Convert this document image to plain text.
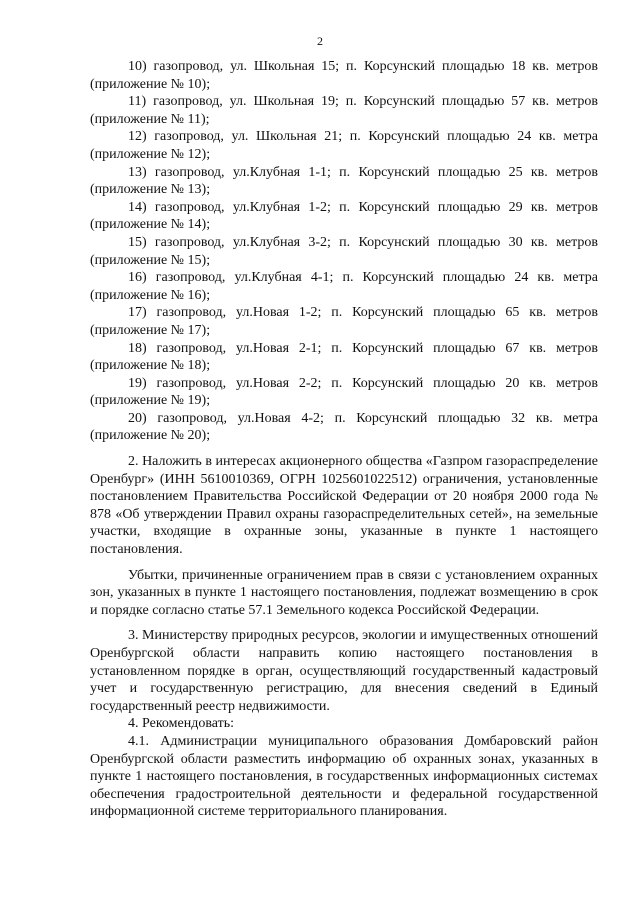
2

10) газопровод, ул. Школьная 15; п. Корсунский площадью 18 кв. метров (приложение № 10);

11) газопровод, ул. Школьная 19; п. Корсунский площадью 57 кв. метров (приложение № 11);

12) газопровод, ул. Школьная 21; п. Корсунский площадью 24 кв. метра (приложение № 12);

13) газопровод, ул.Клубная 1-1; п. Корсунский площадью 25 кв. метров (приложение № 13);

14) газопровод, ул.Клубная 1-2; п. Корсунский площадью 29 кв. метров (приложение № 14);

15) газопровод, ул.Клубная 3-2; п. Корсунский площадью 30 кв. метров (приложение № 15);

16) газопровод, ул.Клубная 4-1; п. Корсунский площадью 24 кв. метра (приложение № 16);

17) газопровод, ул.Новая 1-2; п. Корсунский площадью 65 кв. метров (приложение № 17);

18) газопровод, ул.Новая 2-1; п. Корсунский площадью 67 кв. метров (приложение № 18);

19) газопровод, ул.Новая 2-2; п. Корсунский площадью 20 кв. метров (приложение № 19);

20) газопровод, ул.Новая 4-2; п. Корсунский площадью 32 кв. метра (приложение № 20);

2. Наложить в интересах акционерного общества «Газпром газораспределение Оренбург» (ИНН 5610010369, ОГРН 1025601022512) ограничения, установленные постановлением Правительства Российской Федерации от 20 ноября 2000 года № 878 «Об утверждении Правил охраны газораспределительных сетей», на земельные участки, входящие в охранные зоны, указанные в пункте 1 настоящего постановления.

Убытки, причиненные ограничением прав в связи с установлением охранных зон, указанных в пункте 1 настоящего постановления, подлежат возмещению в срок и порядке согласно статье 57.1 Земельного кодекса Российской Федерации.

3. Министерству природных ресурсов, экологии и имущественных отношений Оренбургской области направить копию настоящего постановления в установленном порядке в орган, осуществляющий государственный кадастровый учет и государственную регистрацию, для внесения сведений в Единый государственный реестр недвижимости.

4. Рекомендовать:

4.1. Администрации муниципального образования Домбаровский район Оренбургской области разместить информацию об охранных зонах, указанных в пункте 1 настоящего постановления, в государственных информационных системах обеспечения градостроительной деятельности и федеральной государственной информационной системе территориального планирования.
